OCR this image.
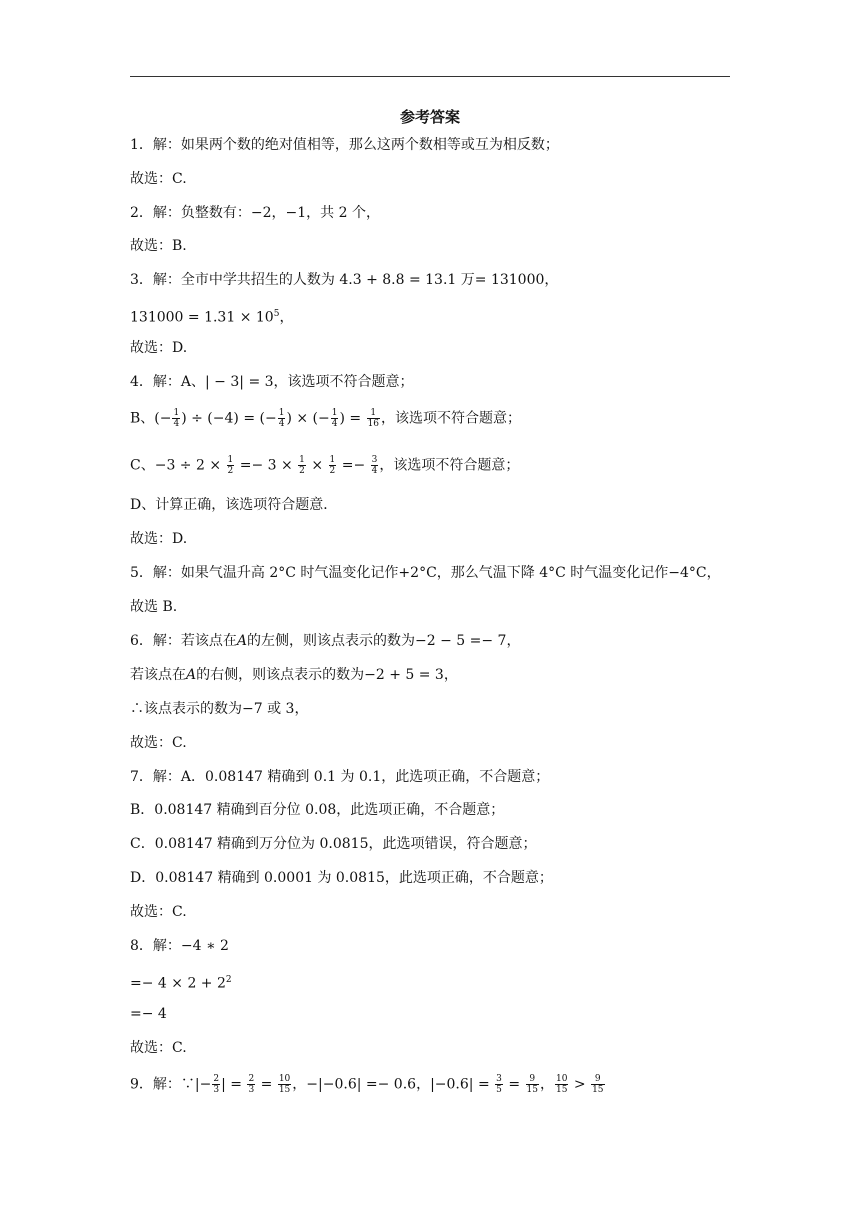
参考答案
1．解：如果两个数的绝对值相等，那么这两个数相等或互为相反数；
故选：C.
2．解：负整数有：−2，−1，共 2 个，
故选：B.
3．解：全市中学共招生的人数为 4.3 + 8.8 = 13.1 万= 131000，
$131000 = 1.31 \times 10^5$，
故选：D.
4．解：A、| − 3| = 3，该选项不符合题意；
B、(− $\frac{1}{4}$ ) ÷ (−4) = (− $\frac{1}{4}$ ) × (− $\frac{1}{4}$ ) = $\frac{1}{16}$ ，该选项不符合题意；
C、$-3 \div 2 \times \frac{1}{2} =- 3 \times \frac{1}{2} \times \frac{1}{2} =- \frac{3}{4}$ ，该选项不符合题意；
D、计算正确，该选项符合题意．
故选：D.
5．解：如果气温升高 2°C 时气温变化记作+2°C，那么气温下降 4°C 时气温变化记作−4°C，
故选 B.
6．解：若该点在𝐴的左侧，则该点表示的数为−2 − 5 =− 7，
若该点在𝐴的右侧，则该点表示的数为−2 + 5 = 3，
∴该点表示的数为−7 或 3，
故选：C.
7．解：A．0.08147 精确到 0.1 为 0.1，此选项正确，不合题意；
B．0.08147 精确到百分位 0.08，此选项正确，不合题意；
C．0.08147 精确到万分位为 0.0815，此选项错误，符合题意；
D．0.08147 精确到 0.0001 为 0.0815，此选项正确，不合题意；
故选：C.
8．解：−4 ∗ 2
=− $4 \times 2 + 2^2$
=− 4
故选：C.
9．解：∵|− $\frac{2}{3}$ | = $\frac{2}{3} = \frac{10}{15}$ ，−|−0.6| =− 0.6，$|-0.6| = \frac{3}{5} = \frac{9}{15}$ ， $\frac{10}{15} > \frac{9}{15}$
